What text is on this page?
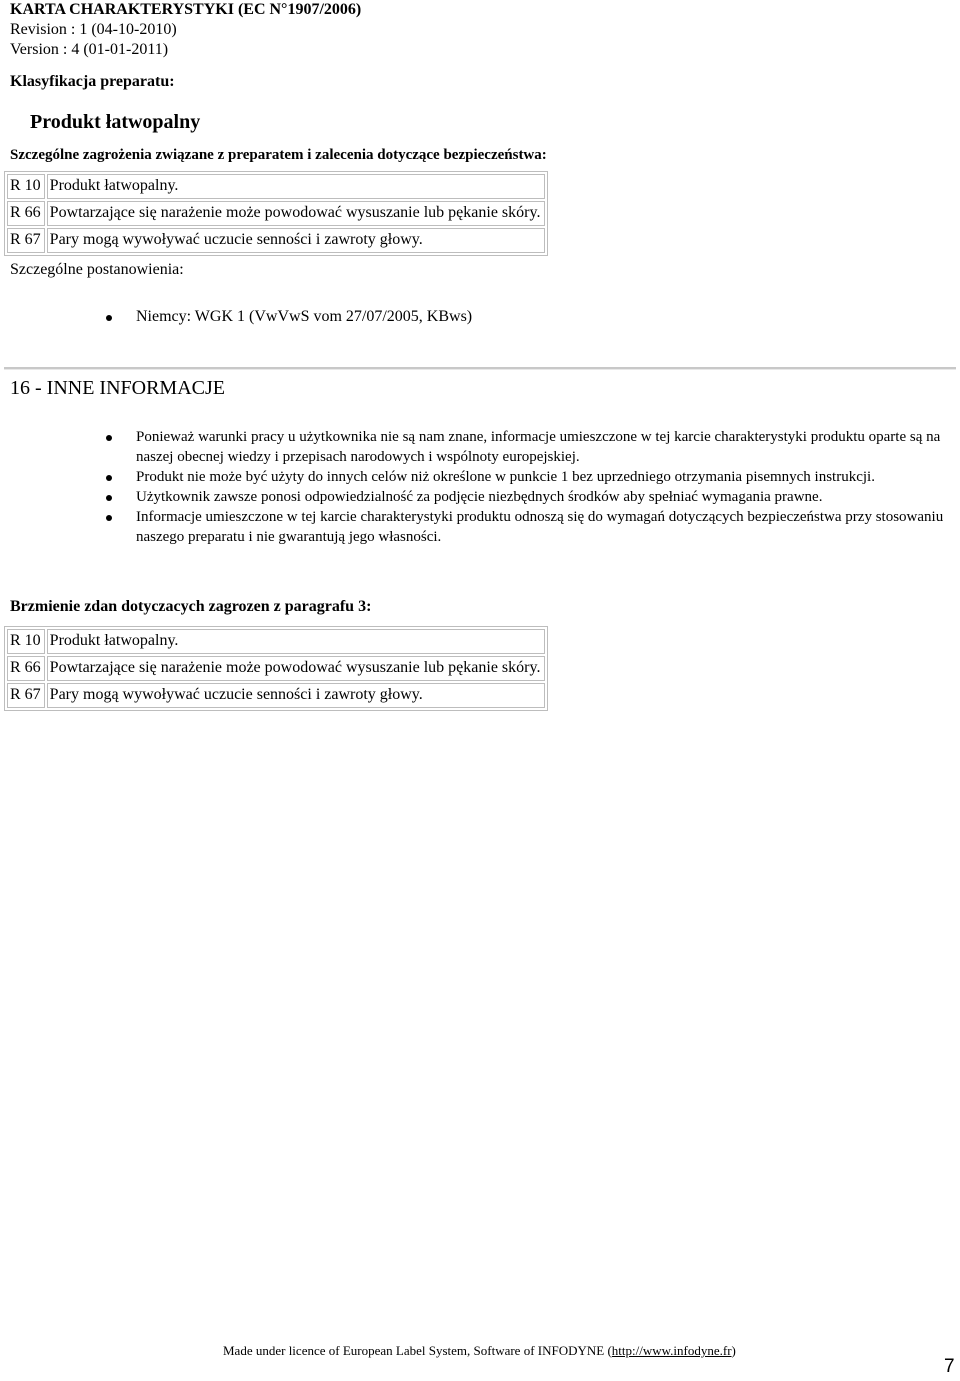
KARTA CHARAKTERYSTYKI (EC N°1907/2006)
Revision : 1 (04-10-2010)
Version : 4 (01-01-2011)
Klasyfikacja preparatu:
Produkt łatwopalny
Szczególne zagrożenia związane z preparatem i zalecenia dotyczące bezpieczeństwa:
R 10	Produkt łatwopalny.
R 66	Powtarzające się narażenie może powodować wysuszanie lub pękanie skóry.
R 67	Pary mogą wywoływać uczucie senności i zawroty głowy.
Szczególne postanowienia:
Niemcy: WGK 1 (VwVwS vom 27/07/2005, KBws)
16 - INNE INFORMACJE
Ponieważ warunki pracy u użytkownika nie są nam znane, informacje umieszczone w tej karcie charakterystyki produktu oparte są na naszej obecnej wiedzy i przepisach narodowych i wspólnoty europejskiej.
Produkt nie może być użyty do innych celów niż określone w punkcie 1 bez uprzedniego otrzymania pisemnych instrukcji.
Użytkownik zawsze ponosi odpowiedzialność za podjęcie niezbędnych środków aby spełniać wymagania prawne.
Informacje umieszczone w tej karcie charakterystyki produktu odnoszą się do wymagań dotyczących bezpieczeństwa przy stosowaniu naszego preparatu i nie gwarantują jego własności.
Brzmienie zdan dotyczacych zagrozen z paragrafu 3:
R 10	Produkt łatwopalny.
R 66	Powtarzające się narażenie może powodować wysuszanie lub pękanie skóry.
R 67	Pary mogą wywoływać uczucie senności i zawroty głowy.
Made under licence of European Label System, Software of INFODYNE (http://www.infodyne.fr)
7
